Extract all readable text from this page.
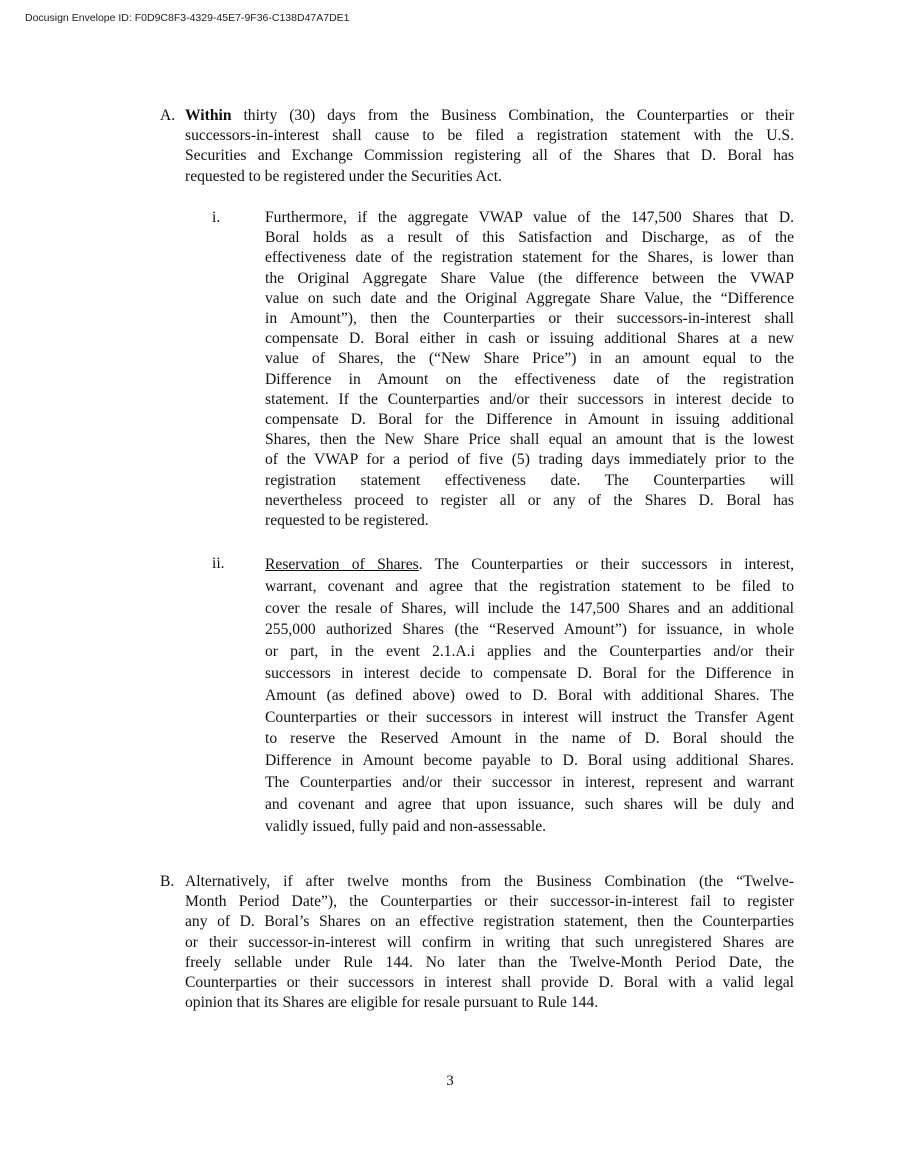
Docusign Envelope ID: F0D9C8F3-4329-45E7-9F36-C138D47A7DE1
A. Within thirty (30) days from the Business Combination, the Counterparties or their
successors-in-interest shall cause to be filed a registration statement with the U.S.
Securities and Exchange Commission registering all of the Shares that D. Boral has
requested to be registered under the Securities Act.
i.	Furthermore, if the aggregate VWAP value of the 147,500 Shares that D.
Boral holds as a result of this Satisfaction and Discharge, as of the
effectiveness date of the registration statement for the Shares, is lower than
the Original Aggregate Share Value (the difference between the VWAP
value on such date and the Original Aggregate Share Value, the “Difference
in Amount”), then the Counterparties or their successors-in-interest shall
compensate D. Boral either in cash or issuing additional Shares at a new
value of Shares, the (“New Share Price”) in an amount equal to the
Difference in Amount on the effectiveness date of the registration
statement. If the Counterparties and/or their successors in interest decide to
compensate D. Boral for the Difference in Amount in issuing additional
Shares, then the New Share Price shall equal an amount that is the lowest
of the VWAP for a period of five (5) trading days immediately prior to the
registration statement effectiveness date. The Counterparties will
nevertheless proceed to register all or any of the Shares D. Boral has
requested to be registered.
ii.	Reservation of Shares. The Counterparties or their successors in interest,
warrant, covenant and agree that the registration statement to be filed to
cover the resale of Shares, will include the 147,500 Shares and an additional
255,000 authorized Shares (the “Reserved Amount”) for issuance, in whole
or part, in the event 2.1.A.i applies and the Counterparties and/or their
successors in interest decide to compensate D. Boral for the Difference in
Amount (as defined above) owed to D. Boral with additional Shares. The
Counterparties or their successors in interest will instruct the Transfer Agent
to reserve the Reserved Amount in the name of D. Boral should the
Difference in Amount become payable to D. Boral using additional Shares.
The Counterparties and/or their successor in interest, represent and warrant
and covenant and agree that upon issuance, such shares will be duly and
validly issued, fully paid and non-assessable.
B. Alternatively, if after twelve months from the Business Combination (the “Twelve-
Month Period Date”), the Counterparties or their successor-in-interest fail to register
any of D. Boral’s Shares on an effective registration statement, then the Counterparties
or their successor-in-interest will confirm in writing that such unregistered Shares are
freely sellable under Rule 144. No later than the Twelve-Month Period Date, the
Counterparties or their successors in interest shall provide D. Boral with a valid legal
opinion that its Shares are eligible for resale pursuant to Rule 144.
3
